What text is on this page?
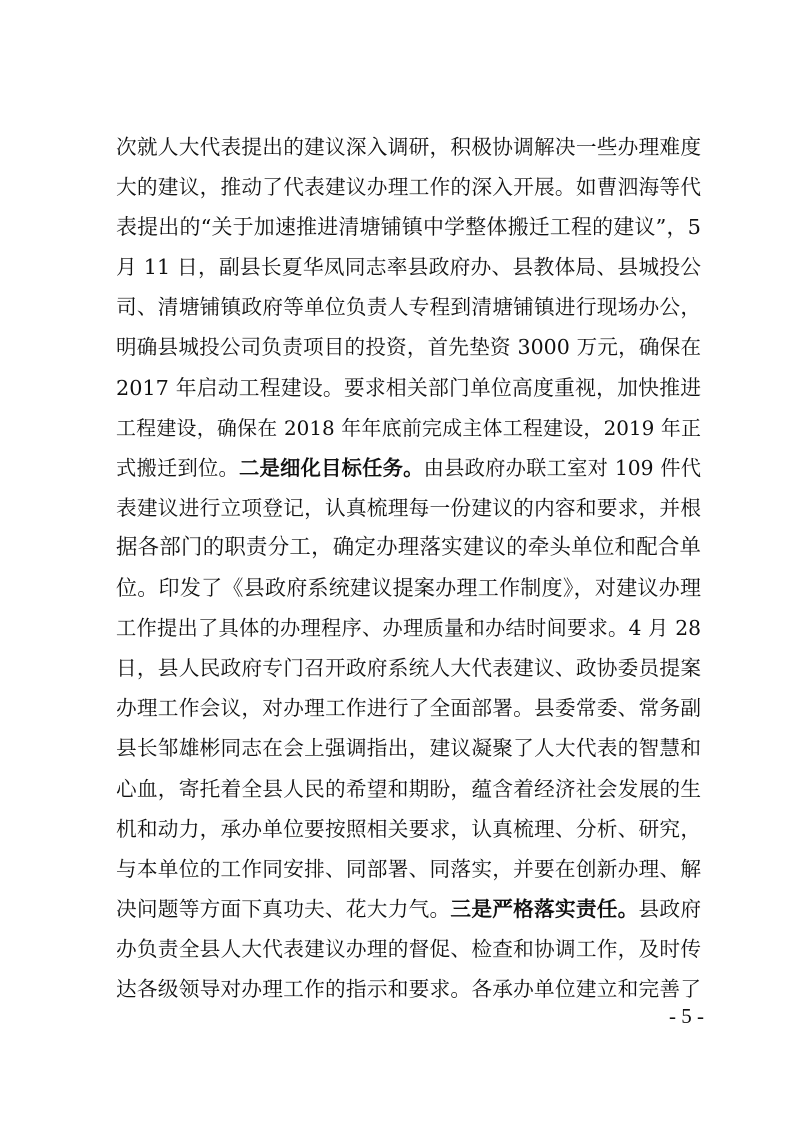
次就人大代表提出的建议深入调研，积极协调解决一些办理难度
大的建议，推动了代表建议办理工作的深入开展。如曹泗海等代
表提出的“关于加速推进清塘铺镇中学整体搬迁工程的建议”，5
月 11 日，副县长夏华凤同志率县政府办、县教体局、县城投公
司、清塘铺镇政府等单位负责人专程到清塘铺镇进行现场办公，
明确县城投公司负责项目的投资，首先垫资 3000 万元，确保在
2017 年启动工程建设。要求相关部门单位高度重视，加快推进
工程建设，确保在 2018 年年底前完成主体工程建设，2019 年正
式搬迁到位。二是细化目标任务。由县政府办联工室对 109 件代
表建议进行立项登记，认真梳理每一份建议的内容和要求，并根
据各部门的职责分工，确定办理落实建议的牵头单位和配合单
位。印发了《县政府系统建议提案办理工作制度》，对建议办理
工作提出了具体的办理程序、办理质量和办结时间要求。4 月 28
日，县人民政府专门召开政府系统人大代表建议、政协委员提案
办理工作会议，对办理工作进行了全面部署。县委常委、常务副
县长邹雄彬同志在会上强调指出，建议凝聚了人大代表的智慧和
心血，寄托着全县人民的希望和期盼，蕴含着经济社会发展的生
机和动力，承办单位要按照相关要求，认真梳理、分析、研究，
与本单位的工作同安排、同部署、同落实，并要在创新办理、解
决问题等方面下真功夫、花大力气。三是严格落实责任。县政府
办负责全县人大代表建议办理的督促、检查和协调工作，及时传
达各级领导对办理工作的指示和要求。各承办单位建立和完善了
- 5 -
